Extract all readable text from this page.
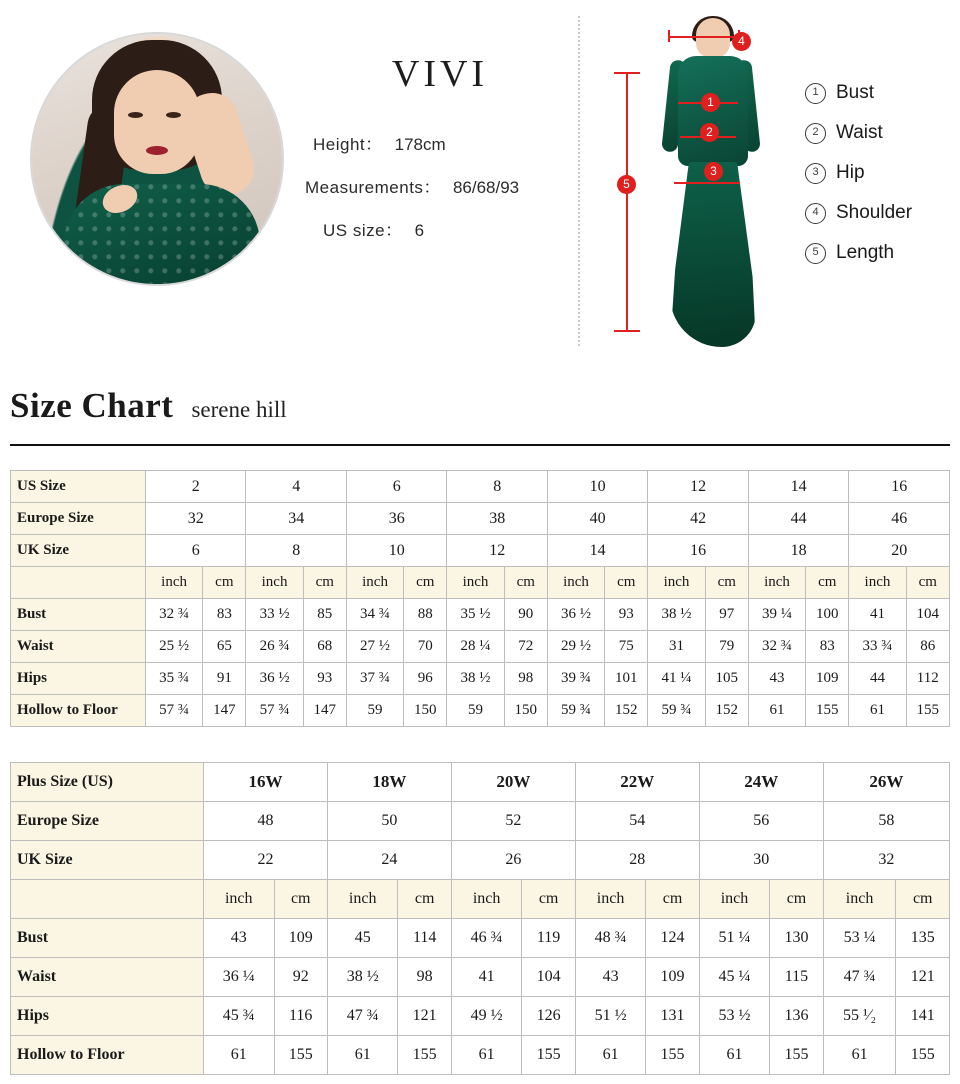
VIVI
Height： 178cm
Measurements： 86/68/93
US size： 6
4
1
2
3
5
1 Bust
2 Waist
3 Hip
4 Shoulder
5 Length
Size Chart serene hill
US Size	2		4		6		8		10		12		14		16	
Europe Size	32		34		36		38		40		42		44		46	
UK Size	6		8		10		12		14		16		18		20	
	inch	cm	inch	cm	inch	cm	inch	cm	inch	cm	inch	cm	inch	cm	inch	cm
Bust	32 ¾	83	33 ½	85	34 ¾	88	35 ½	90	36 ½	93	38 ½	97	39 ¼	100	41	104
Waist	25 ½	65	26 ¾	68	27 ½	70	28 ¼	72	29 ½	75	31	79	32 ¾	83	33 ¾	86
Hips	35 ¾	91	36 ½	93	37 ¾	96	38 ½	98	39 ¾	101	41 ¼	105	43	109	44	112
Hollow to Floor	57 ¾	147	57 ¾	147	59	150	59	150	59 ¾	152	59 ¾	152	61	155	61	155
Plus Size (US)	16W		18W		20W		22W		24W		26W	
Europe Size	48		50		52		54		56		58	
UK Size	22		24		26		28		30		32	
	inch	cm	inch	cm	inch	cm	inch	cm	inch	cm	inch	cm
Bust	43	109	45	114	46 ¾	119	48 ¾	124	51 ¼	130	53 ¼	135
Waist	36 ¼	92	38 ½	98	41	104	43	109	45 ¼	115	47 ¾	121
Hips	45 ¾	116	47 ¾	121	49 ½	126	51 ½	131	53 ½	136	55 ¹⁄₂	141
Hollow to Floor	61	155	61	155	61	155	61	155	61	155	61	155
